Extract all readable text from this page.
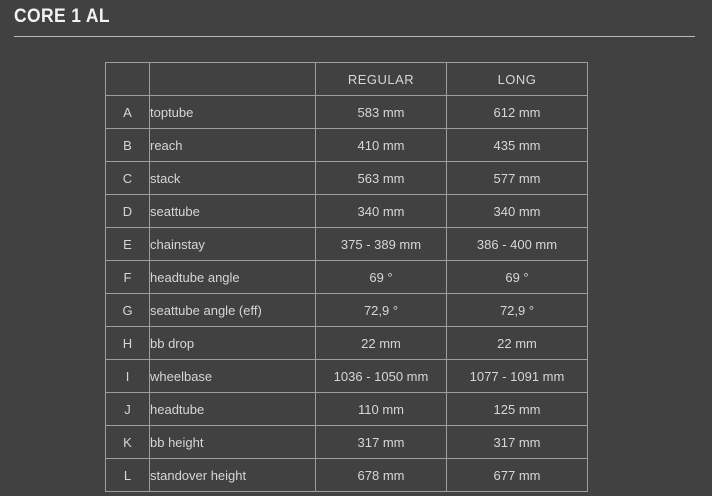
CORE 1 AL
		REGULAR	LONG
A	toptube	583 mm	612 mm
B	reach	410 mm	435 mm
C	stack	563 mm	577 mm
D	seattube	340 mm	340 mm
E	chainstay	375 - 389 mm	386 - 400 mm
F	headtube angle	69 °	69 °
G	seattube angle (eff)	72,9 °	72,9 °
H	bb drop	22 mm	22 mm
I	wheelbase	1036 - 1050 mm	1077 - 1091 mm
J	headtube	110 mm	125 mm
K	bb height	317 mm	317 mm
L	standover height	678 mm	677 mm
